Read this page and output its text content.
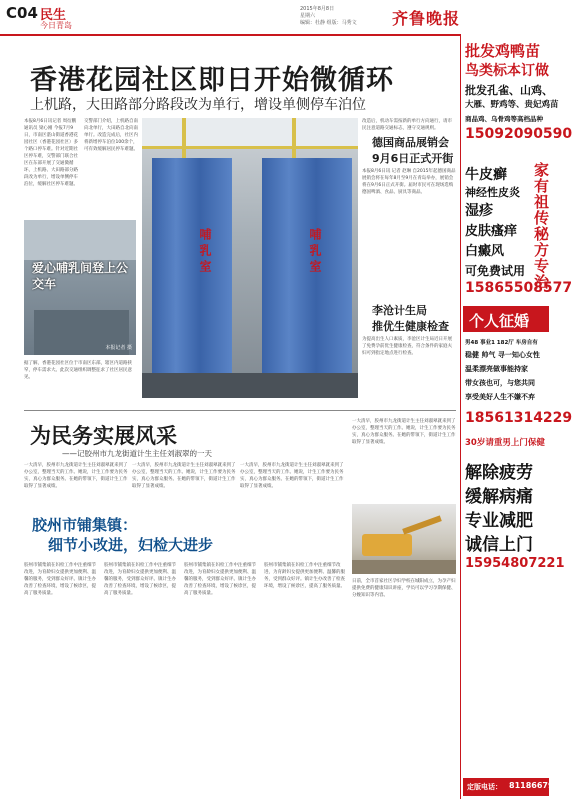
C04 民生
今日青岛
2015年8月8日
星期六
编辑：杜静 组版：马秀文	齐鲁晚报
香港花园社区即日开始微循环
上机路，大田路部分路段改为单行，增设单侧停车泊位
本报8月6日讯记者 周衍鹏 通讯员 梁心刚 今报7月9日，市南区湛山街道香港花园社区（香港花园社区）多个路口停车难。针对近期社区停车难，交警部门联合社区在东部开展了交通微循环，上机路、大田路部分路段改为单行，增设单侧停车泊位，缓解社区停车难题。
交警部门介绍，上机路自南向北单行，大田路自北向南单行。改造完成后，社区内将新增停车泊位100余个，可有效缓解居民停车难题。
据了解，香港花园社区位于市南区东部，辖区内道路狭窄，停车需求大。此次交通组织调整征求了社区居民意见。
爱心哺乳间登上公交车
本报记者 摄
哺乳室	哺乳室
改造后，机动车需按新的单行方向通行，请市民注意道路交通标志，遵守交通规则。
德国商品展销会
9月6日正式开街
本报8月6日讯 记者 赵琳 自2015年起德国商品展销会将在每年8月至9月在青岛举办，展销会将在9月6日正式开街。届时市民可在现场选购德国啤酒、食品、厨具等商品。
李沧计生局
推优生健康检查
为提高出生人口素质，李沧区计生局近日开展了免费孕前优生健康检查，符合条件的家庭夫妇可到指定地点进行检查。
为民务实展风采
——记胶州市九龙街道计生主任刘淑翠的一天
一大清早，胶州市九龙街道计生主任刘淑翠就来到了办公室，整理当天的工作。她说，计生工作要为民务实，真心为群众服务。在她的带领下，街道计生工作取得了显著成绩。
一大清早，胶州市九龙街道计生主任刘淑翠就来到了办公室，整理当天的工作。她说，计生工作要为民务实，真心为群众服务。在她的带领下，街道计生工作取得了显著成绩。
一大清早，胶州市九龙街道计生主任刘淑翠就来到了办公室，整理当天的工作。她说，计生工作要为民务实，真心为群众服务。在她的带领下，街道计生工作取得了显著成绩。
一大清早，胶州市九龙街道计生主任刘淑翠就来到了办公室，整理当天的工作。她说，计生工作要为民务实，真心为群众服务。在她的带领下，街道计生工作取得了显著成绩。
日前，全市首家社区孕妇学校在城阳成立，为孕产妇提供免费的健康知识讲座，学员可以学习孕期保健、分娩知识等内容。
胶州市铺集镇：
细节小改进，妇检大进步
胶州市铺集镇在妇检工作中注重细节改进，为育龄妇女提供更加便利、温馨的服务，受到群众好评。镇计生办改善了检查环境，增设了候诊区，提高了服务质量。
胶州市铺集镇在妇检工作中注重细节改进，为育龄妇女提供更加便利、温馨的服务，受到群众好评。镇计生办改善了检查环境，增设了候诊区，提高了服务质量。
胶州市铺集镇在妇检工作中注重细节改进，为育龄妇女提供更加便利、温馨的服务，受到群众好评。镇计生办改善了检查环境，增设了候诊区，提高了服务质量。
胶州市铺集镇在妇检工作中注重细节改进，为育龄妇女提供更加便利、温馨的服务，受到群众好评。镇计生办改善了检查环境，增设了候诊区，提高了服务质量。
批发鸡鸭苗
鸟类标本订做
批发孔雀、山鸡、
大雁、野鸡等、贵妃鸡苗
商品鸡、乌骨鸡等高档品种
15092090590
牛皮癣
神经性皮炎
湿疹
皮肤瘙痒
白癜风	家有祖传秘方专治
可免费试用
15865508577
个人征婚
男48 事业1 182厅 车房自有
稳健 帅气 寻一知心女性
温柔漂亮做事能持家
带女孩也可，与您共同
享受美好人生不嫌不弃
18561314229
30岁请重男上门保健
解除疲劳
缓解病痛
专业减肥
诚信上门
15954807221
定版电话： 81186679
